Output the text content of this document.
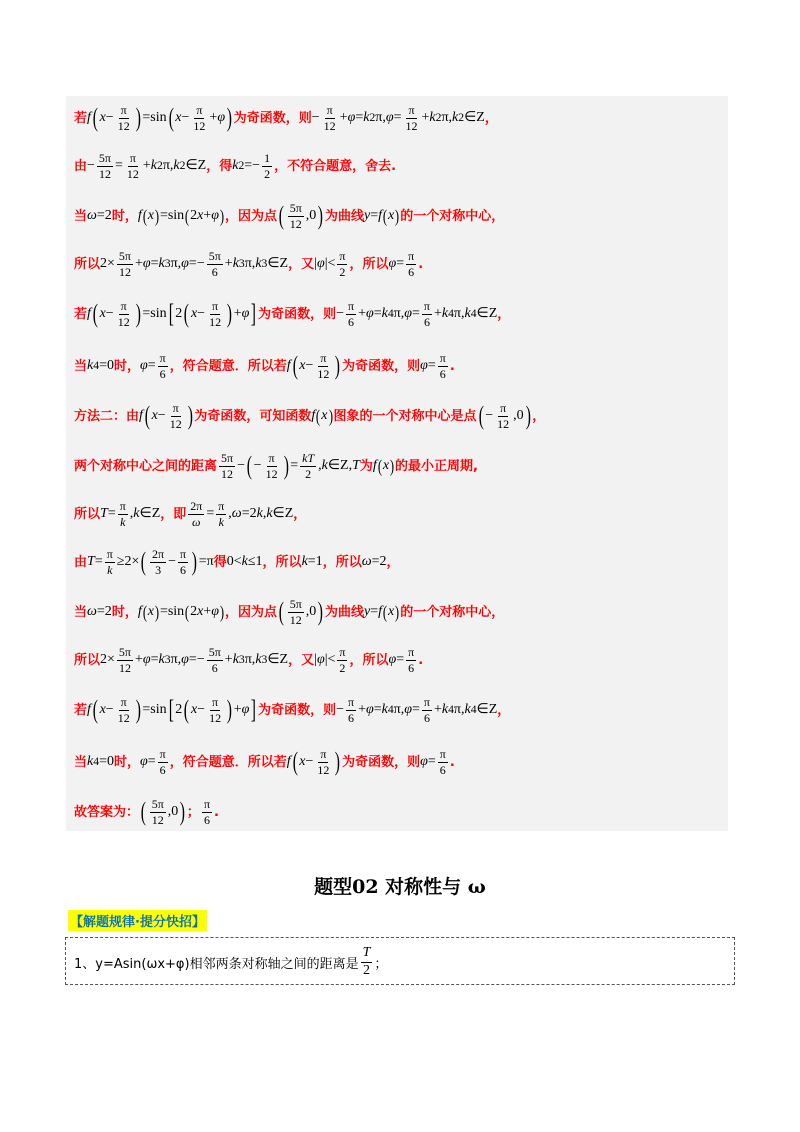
若 f ( $x - \frac{\pi}{12}$ ) =sin ( $x - \frac{\pi}{12} + \varphi$ ) 为奇函数，则 − $\frac{\pi}{12} + \varphi = k$ 2 π, $\varphi = \frac{\pi}{12} + k$ 2 π, k 2 ∈Z ，
由 − $\frac{5\pi}{12} = \frac{\pi}{12} + k$ 2 π, k 2 ∈Z ，得 k $2 =- \frac{1}{2}$ ，不符合题意，舍去.
当 ω =2 时， f ( x ) =sin ( 2 x + φ ) ，因为点 ( $\frac{5\pi}{12} ,0$ ) 为曲线 y = f ( x ) 的一个对称中心，
所以 $2\times \frac{5\pi}{12} + \varphi = k$ 3 π, $\varphi =- \frac{5\pi}{6} + k$ 3 π, k 3 ∈Z ，又 | φ |< $\frac{\pi}{2}$ ，所以 $\varphi = \frac{\pi}{6}$ .
若 f ( $x - \frac{\pi}{12}$ ) =sin [ 2 ( $x - \frac{\pi}{12}$ ) + φ ] 为奇函数，则 − $\frac{\pi}{6} + \varphi = k$ 4 π, $\varphi = \frac{\pi}{6} + k$ 4 π, k 4 ∈Z ，
当 k 4 =0 时， $\varphi = \frac{\pi}{6}$ ，符合题意．所以若 f ( $x - \frac{\pi}{12}$ ) 为奇函数，则 $\varphi = \frac{\pi}{6}$ .
方法二：由 f ( $x - \frac{\pi}{12}$ ) 为奇函数，可知函数 f ( x ) 图象的一个对称中心是点 ( − $\frac{\pi}{12} ,0$ ) ，
两个对称中心之间的距离 $\frac{5\pi}{12}$ − ( − $\frac{\pi}{12}$ ) = $\frac{kT}{2}$ , k ∈Z, T 为 f ( x ) 的最小正周期,
所以 $T = \frac{\pi}{k}$ , k ∈Z ，即 $\frac{2\pi}{\omega} = \frac{\pi}{k}$ , ω =2 k , k ∈Z ，
由 $T = \frac{\pi}{k} \ge 2\times$ ( $\frac{2\pi}{3} - \frac{\pi}{6}$ ) =π 得 0< k ≤1 ，所以 k =1 ，所以 ω =2 ，
当 ω =2 时， f ( x ) =sin ( 2 x + φ ) ，因为点 ( $\frac{5\pi}{12} ,0$ ) 为曲线 y = f ( x ) 的一个对称中心，
所以 $2\times \frac{5\pi}{12} + \varphi = k$ 3 π, $\varphi =- \frac{5\pi}{6} + k$ 3 π, k 3 ∈Z ，又 | φ |< $\frac{\pi}{2}$ ，所以 $\varphi = \frac{\pi}{6}$ .
若 f ( $x - \frac{\pi}{12}$ ) =sin [ 2 ( $x - \frac{\pi}{12}$ ) + φ ] 为奇函数，则 − $\frac{\pi}{6} + \varphi = k$ 4 π, $\varphi = \frac{\pi}{6} + k$ 4 π, k 4 ∈Z ，
当 k 4 =0 时， $\varphi = \frac{\pi}{6}$ ，符合题意．所以若 f ( $x - \frac{\pi}{12}$ ) 为奇函数，则 $\varphi = \frac{\pi}{6}$ .
故答案为： ( $\frac{5\pi}{12} ,0$ ) ； $\frac{\pi}{6}$ .
题型02 对称性与 ω
【解题规律·提分快招】
1、y=Asin(ωx+φ)相邻两条对称轴之间的距离是 $\frac{T}{2}$ ；
